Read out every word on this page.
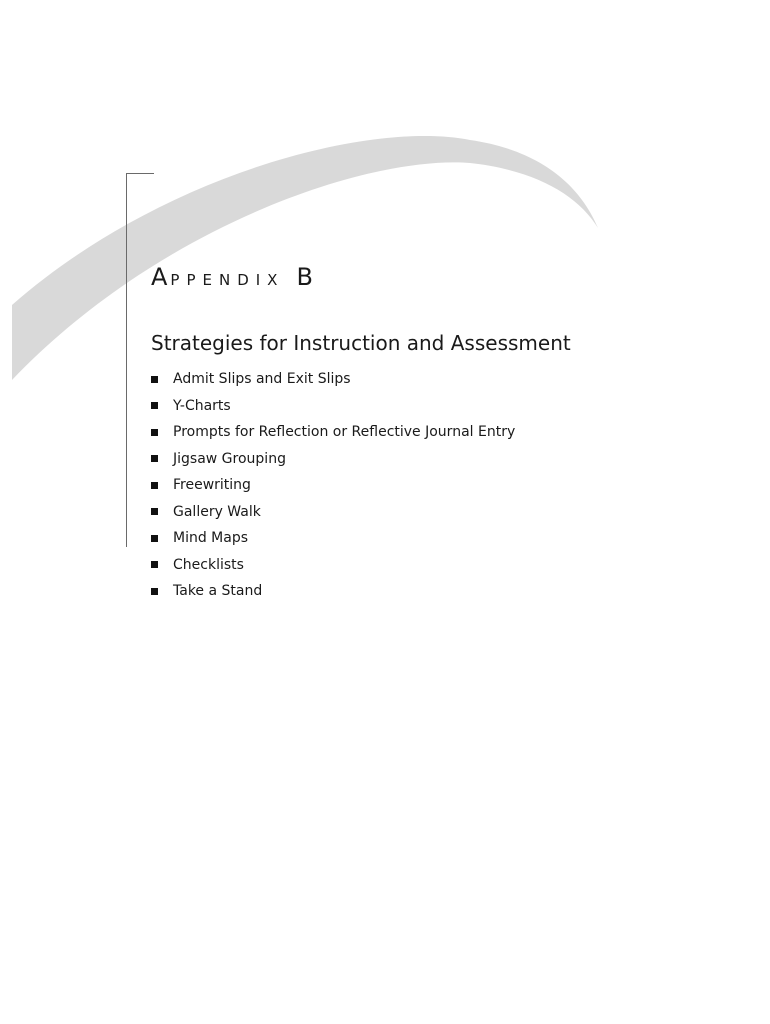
APPENDIX B
Strategies for Instruction and Assessment
Admit Slips and Exit Slips
Y-Charts
Prompts for Reflection or Reflective Journal Entry
Jigsaw Grouping
Freewriting
Gallery Walk
Mind Maps
Checklists
Take a Stand
